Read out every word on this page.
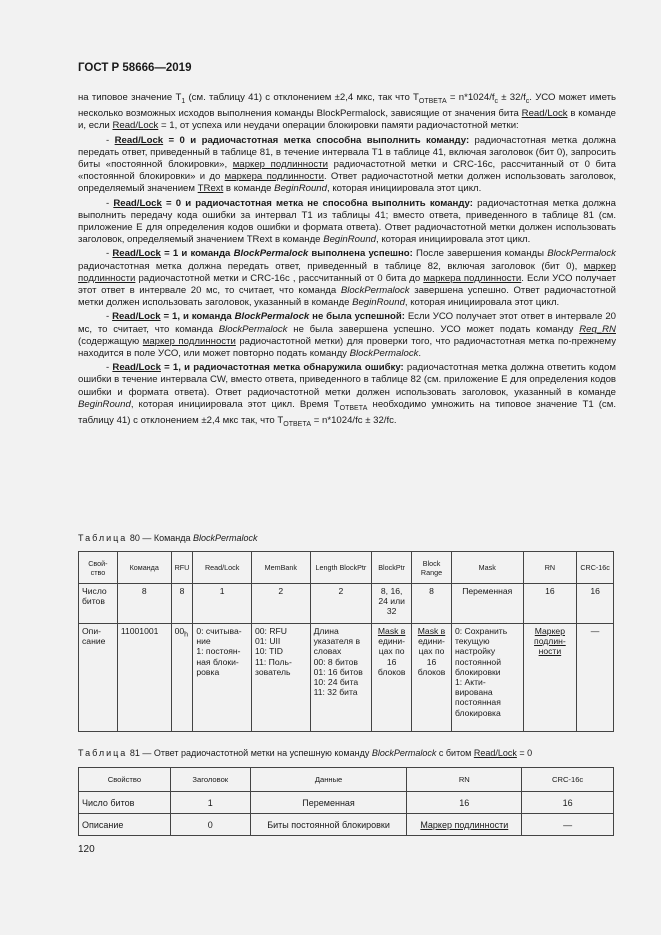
ГОСТ Р 58666—2019

на типовое значение $T_1$ (см. таблицу 41) с отклонением ±2,4 мкс, так что $T_{ОТВЕТА} = n*1024/f_c \pm 32/f_c$. УСО может иметь несколько возможных исходов выполнения команды BlockPermalock, зависящие от значения бита Read/Lock в команде и, если Read/Lock = 1, от успеха или неудачи операции блокировки памяти радиочастотной метки:

- Read/Lock = 0 и радиочастотная метка способна выполнить команду: радиочастотная метка должна передать ответ, приведенный в таблице 81, в течение интервала T1 в таблице 41, включая заголовок (бит 0), запросить биты «постоянной блокировки», маркер подлинности радиочастотной метки и CRC-16c, рассчитанный от 0 бита «постоянной блокировки» и до маркера подлинности. Ответ радиочастотной метки должен использовать заголовок, определяемый значением TRext в команде BeginRound, которая инициировала этот цикл.

- Read/Lock = 0 и радиочастотная метка не способна выполнить команду: радиочастотная метка должна выполнить передачу кода ошибки за интервал T1 из таблицы 41; вместо ответа, приведенного в таблице 81 (см. приложение E для определения кодов ошибки и формата ответа). Ответ радиочастотной метки должен использовать заголовок, определяемый значением TRext в команде BeginRound, которая инициировала этот цикл.

- Read/Lock = 1 и команда BlockPermalock выполнена успешно: После завершения команды BlockPermalock радиочастотная метка должна передать ответ, приведенный в таблице 82, включая заголовок (бит 0), маркер подлинности радиочастотной метки и CRC-16c , рассчитанный от 0 бита до маркера подлинности. Если УСО получает этот ответ в интервале 20 мс, то считает, что команда BlockPermalock завершена успешно. Ответ радиочастотной метки должен использовать заголовок, указанный в команде BeginRound, которая инициировала этот цикл.

- Read/Lock = 1, и команда BlockPermalock не была успешной: Если УСО получает этот ответ в интервале 20 мс, то считает, что команда BlockPermalock не была завершена успешно. УСО может подать команду Req_RN (содержащую маркер подлинности радиочастотной метки) для проверки того, что радиочастотная метка по-прежнему находится в поле УСО, или может повторно подать команду BlockPermalock.

- Read/Lock = 1, и радиочастотная метка обнаружила ошибку: радиочастотная метка должна ответить кодом ошибки в течение интервала CW, вместо ответа, приведенного в таблице 82 (см. приложение E для определения кодов ошибки и формата ответа). Ответ радиочастотной метки должен использовать заголовок, указанный в команде BeginRound, которая инициировала этот цикл. Время $T_{ОТВЕТА}$ необходимо умножить на типовое значение T1 (см. таблицу 41) с отклонением ±2,4 мкс так, что $T_{ОТВЕТА} = n*1024/fc \pm 32/fc$.

Таблица 80 — Команда BlockPermalock
Свой-ство	Команда	RFU	Read/Lock	MemBank	Length BlockPtr	BlockPtr	Block Range	Mask	RN	CRC-16c
Число битов	8	8	1	2	2	8, 16, 24 или 32	8	Переменная	16	16
Опи-сание	11001001	$00_h$	0: считыва-ние
1: постоян-ная блоки-ровка	00: RFU
01: UII
10: TID
11: Поль-зователь	Длина указателя в словах
00: 8 битов
01: 16 битов
10: 24 бита
11: 32 бита	Mask в едини-цах по 16 блоков	Mask в едини-цах по 16 блоков	0: Сохранить текущую настройку постоянной блокировки
1: Акти-вирована постоянная блокировка	Маркер подлин-ности	—
Таблица 81 — Ответ радиочастотной метки на успешную команду BlockPermalock с битом Read/Lock = 0
Свойство	Заголовок	Данные	RN	CRC-16c
Число битов	1	Переменная	16	16
Описание	0	Биты постоянной блокировки	Маркер подлинности	—
120
